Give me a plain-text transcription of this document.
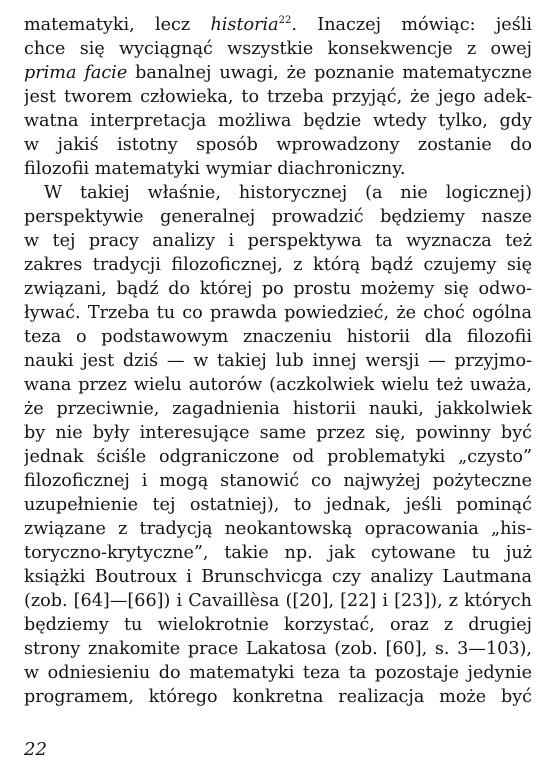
matematyki, lecz historia$^{22}$. Inaczej mówiąc: jeśli
chce się wyciągnąć wszystkie konsekwencje z owej
prima facie banalnej uwagi, że poznanie matematyczne
jest tworem człowieka, to trzeba przyjąć, że jego adek-
watna interpretacja możliwa będzie wtedy tylko, gdy
w jakiś istotny sposób wprowadzony zostanie do
filozofii matematyki wymiar diachroniczny.
W takiej właśnie, historycznej (a nie logicznej)
perspektywie generalnej prowadzić będziemy nasze
w tej pracy analizy i perspektywa ta wyznacza też
zakres tradycji filozoficznej, z którą bądź czujemy się
związani, bądź do której po prostu możemy się odwo-
ływać. Trzeba tu co prawda powiedzieć, że choć ogólna
teza o podstawowym znaczeniu historii dla filozofii
nauki jest dziś — w takiej lub innej wersji — przyjmo-
wana przez wielu autorów (aczkolwiek wielu też uważa,
że przeciwnie, zagadnienia historii nauki, jakkolwiek
by nie były interesujące same przez się, powinny być
jednak ściśle odgraniczone od problematyki „czysto”
filozoficznej i mogą stanowić co najwyżej pożyteczne
uzupełnienie tej ostatniej), to jednak, jeśli pominąć
związane z tradycją neokantowską opracowania „his-
toryczno-krytyczne”, takie np. jak cytowane tu już
książki Boutroux i Brunschvicga czy analizy Lautmana
(zob. [64]—[66]) i Cavaillèsa ([20], [22] i [23]), z których
będziemy tu wielokrotnie korzystać, oraz z drugiej
strony znakomite prace Lakatosa (zob. [60], s. 3—103),
w odniesieniu do matematyki teza ta pozostaje jedynie
programem, którego konkretna realizacja może być
22
